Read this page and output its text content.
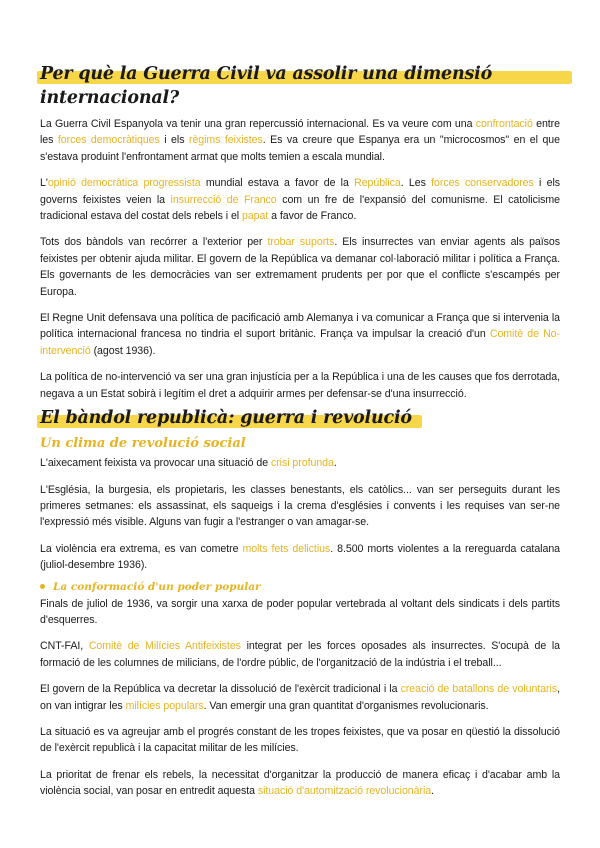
Per què la Guerra Civil va assolir una dimensió internacional?

La Guerra Civil Espanyola va tenir una gran repercussió internacional. Es va veure com una confrontació entre les forces democràtiques i els règims feixistes. Es va creure que Espanya era un "microcosmos" en el que s'estava produint l'enfrontament armat que molts temien a escala mundial.

L'opinió democràtica progressista mundial estava a favor de la República. Les forces conservadores i els governs feixistes veien la insurrecció de Franco com un fre de l'expansió del comunisme. El catolicisme tradicional estava del costat dels rebels i el papat a favor de Franco.

Tots dos bàndols van recórrer a l'exterior per trobar suports. Els insurrectes van enviar agents als països feixistes per obtenir ajuda militar. El govern de la República va demanar col·laboració militar i política a França. Els governants de les democràcies van ser extremament prudents per por que el conflicte s'escampés per Europa.

El Regne Unit defensava una política de pacificació amb Alemanya i va comunicar a França que si intervenia la política internacional francesa no tindria el suport britànic. França va impulsar la creació d'un Comitè de No-intervenció (agost 1936).

La política de no-intervenció va ser una gran injustícia per a la República i una de les causes que fos derrotada, negava a un Estat sobirà i legítim el dret a adquirir armes per defensar-se d'una insurrecció.

El bàndol republicà: guerra i revolució
Un clima de revolució social

L'aixecament feixista va provocar una situació de crisi profunda.

L'Església, la burgesia, els propietaris, les classes benestants, els catòlics... van ser perseguits durant les primeres setmanes: els assassinat, els saqueigs i la crema d'esglésies i convents i les requises van ser-ne l'expressió més visible. Alguns van fugir a l'estranger o van amagar-se.

La violència era extrema, es van cometre molts fets delictius. 8.500 morts violentes a la rereguarda catalana (juliol-desembre 1936).

La conformació d'un poder popular

Finals de juliol de 1936, va sorgir una xarxa de poder popular vertebrada al voltant dels sindicats i dels partits d'esquerres.

CNT-FAI, Comitè de Milícies Antifeixistes integrat per les forces oposades als insurrectes. S'ocupà de la formació de les columnes de milicians, de l'ordre públic, de l'organització de la indústria i el treball...

El govern de la República va decretar la dissolució de l'exèrcit tradicional i la creació de batallons de voluntaris, on van intigrar les milícies populars. Van emergir una gran quantitat d'organismes revolucionaris.

La situació es va agreujar amb el progrés constant de les tropes feixistes, que va posar en qüestió la dissolució de l'exèrcit republicà i la capacitat militar de les milícies.

La prioritat de frenar els rebels, la necessitat d'organitzar la producció de manera eficaç i d'acabar amb la violència social, van posar en entredit aquesta situació d'automització revolucionària.
